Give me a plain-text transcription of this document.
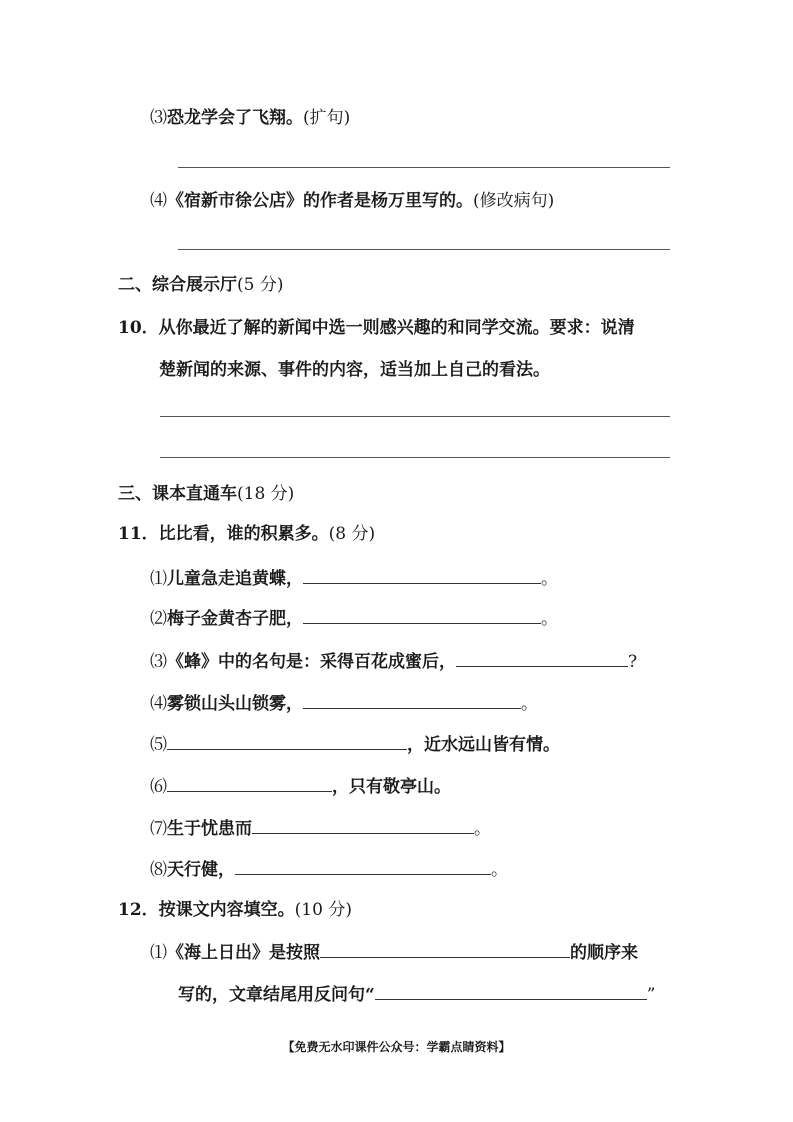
⑶恐龙学会了飞翔。(扩句)
⑷《宿新市徐公店》的作者是杨万里写的。(修改病句)
二、综合展示厅(5 分)
10．从你最近了解的新闻中选一则感兴趣的和同学交流。要求：说清
楚新闻的来源、事件的内容，适当加上自己的看法。
三、课本直通车(18 分)
11．比比看，谁的积累多。(8 分)
⑴儿童急走追黄蝶，	。
⑵梅子金黄杏子肥，	。
⑶《蜂》中的名句是：采得百花成蜜后，	?
⑷雾锁山头山锁雾，	。
⑸	，近水远山皆有情。
⑹	，只有敬亭山。
⑺生于忧患而	。
⑻天行健，	。
12．按课文内容填空。(10 分)
⑴《海上日出》是按照	的顺序来
写的，文章结尾用反问句“	”
【免费无水印课件公众号：学霸点睛资料】
